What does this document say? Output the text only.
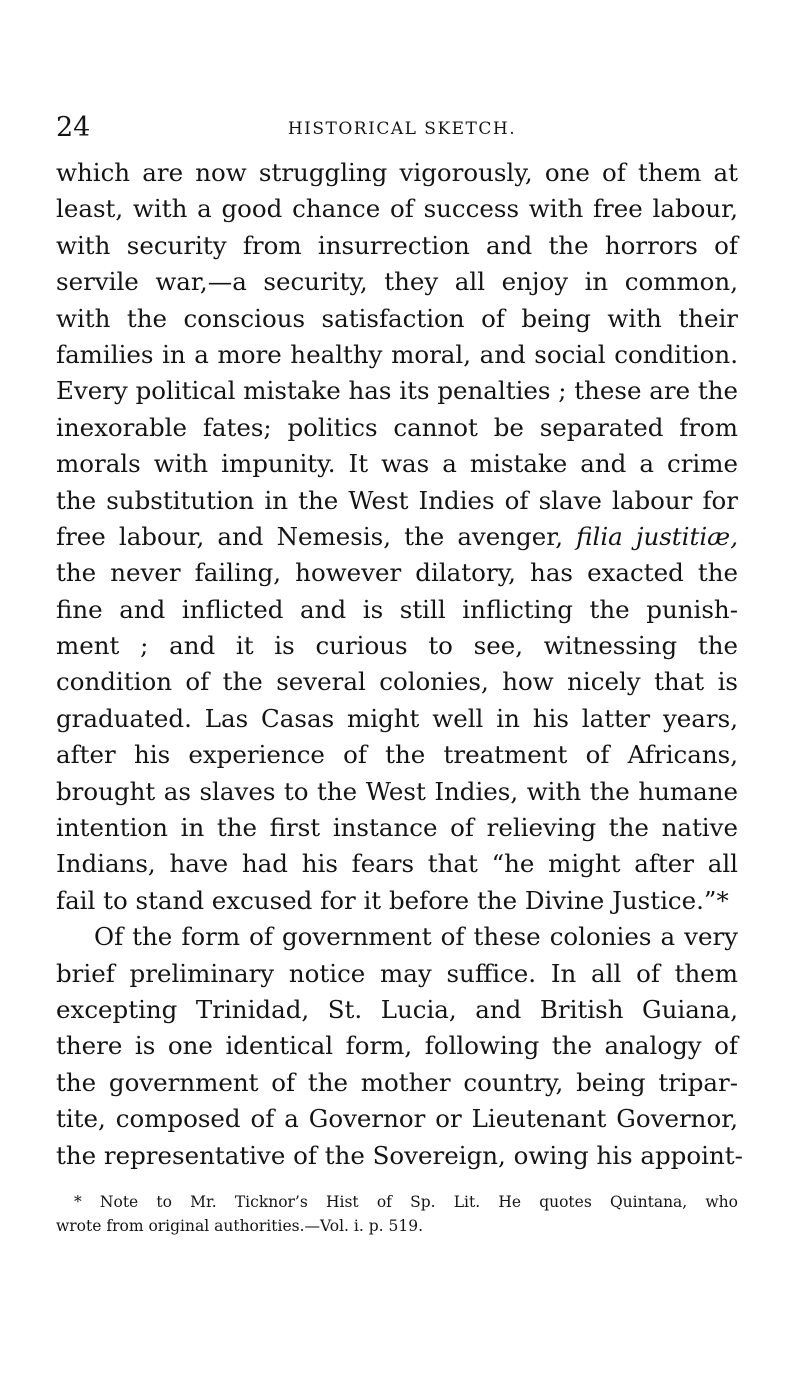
24	HISTORICAL SKETCH.
which are now struggling vigorously, one of them at
least, with a good chance of success with free labour,
with security from insurrection and the horrors of
servile war,—a security, they all enjoy in common,
with the conscious satisfaction of being with their
families in a more healthy moral, and social condition.
Every political mistake has its penalties ; these are the
inexorable fates; politics cannot be separated from
morals with impunity. It was a mistake and a crime
the substitution in the West Indies of slave labour for
free labour, and Nemesis, the avenger, filia justitiæ,
the never failing, however dilatory, has exacted the
fine and inflicted and is still inflicting the punish-
ment ; and it is curious to see, witnessing the
condition of the several colonies, how nicely that is
graduated. Las Casas might well in his latter years,
after his experience of the treatment of Africans,
brought as slaves to the West Indies, with the humane
intention in the first instance of relieving the native
Indians, have had his fears that “he might after all
fail to stand excused for it before the Divine Justice.”*
Of the form of government of these colonies a very
brief preliminary notice may suffice. In all of them
excepting Trinidad, St. Lucia, and British Guiana,
there is one identical form, following the analogy of
the government of the mother country, being tripar-
tite, composed of a Governor or Lieutenant Governor,
the representative of the Sovereign, owing his appoint-
* Note to Mr. Ticknor’s Hist of Sp. Lit. He quotes Quintana, who
wrote from original authorities.—Vol. i. p. 519.
